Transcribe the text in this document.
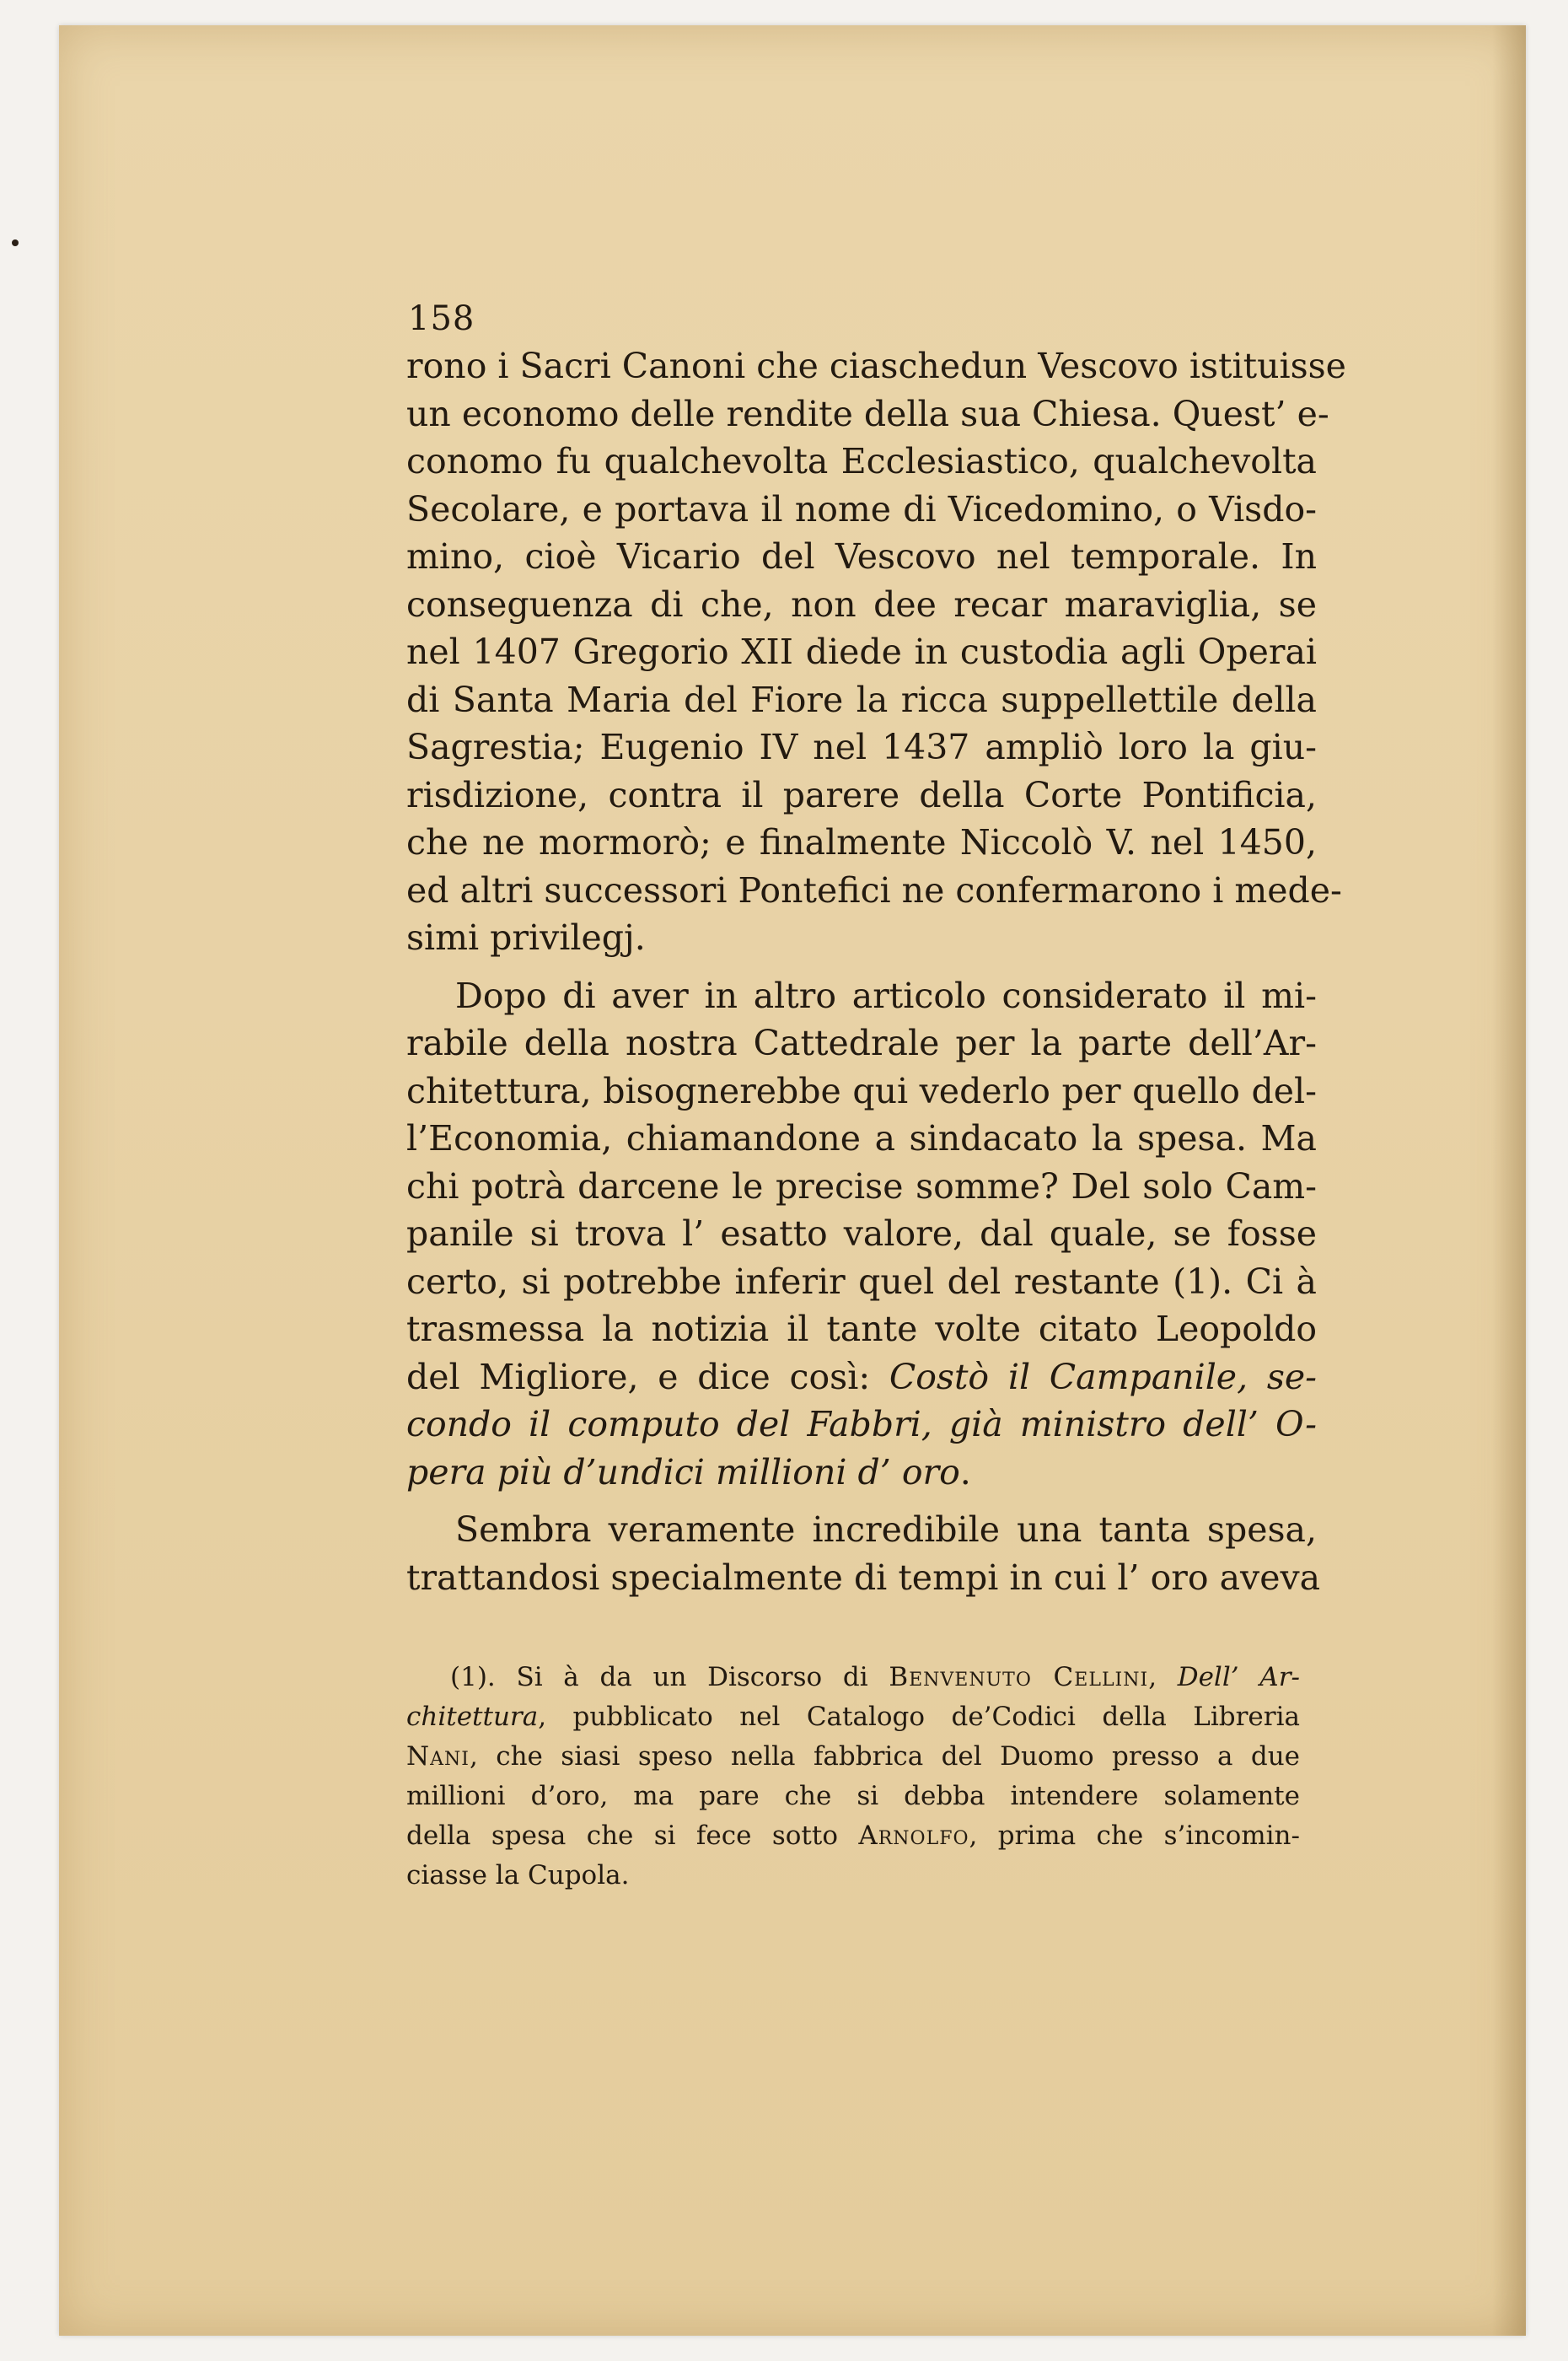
158
rono i Sacri Canoni che ciaschedun Vescovo istituisse
un economo delle rendite della sua Chiesa. Quest’ e-
conomo fu qualchevolta Ecclesiastico, qualchevolta
Secolare, e portava il nome di Vicedomino, o Visdo-
mino, cioè Vicario del Vescovo nel temporale. In
conseguenza di che, non dee recar maraviglia, se
nel 1407 Gregorio XII diede in custodia agli Operai
di Santa Maria del Fiore la ricca suppellettile della
Sagrestia; Eugenio IV nel 1437 ampliò loro la giu-
risdizione, contra il parere della Corte Pontificia,
che ne mormorò; e finalmente Niccolò V. nel 1450,
ed altri successori Pontefici ne confermarono i mede-
simi privilegj.
Dopo di aver in altro articolo considerato il mi-
rabile della nostra Cattedrale per la parte dell’Ar-
chitettura, bisognerebbe qui vederlo per quello del-
l’Economia, chiamandone a sindacato la spesa. Ma
chi potrà darcene le precise somme? Del solo Cam-
panile si trova l’ esatto valore, dal quale, se fosse
certo, si potrebbe inferir quel del restante (1). Ci à
trasmessa la notizia il tante volte citato Leopoldo
del Migliore, e dice così: Costò il Campanile, se-
condo il computo del Fabbri, già ministro dell’ O-
pera più d’undici millioni d’ oro.
Sembra veramente incredibile una tanta spesa,
trattandosi specialmente di tempi in cui l’ oro aveva
(1). Si à da un Discorso di Benvenuto Cellini, Dell’ Ar-
chitettura, pubblicato nel Catalogo de’Codici della Libreria
Nani, che siasi speso nella fabbrica del Duomo presso a due
millioni d’oro, ma pare che si debba intendere solamente
della spesa che si fece sotto Arnolfo, prima che s’incomin-
ciasse la Cupola.
